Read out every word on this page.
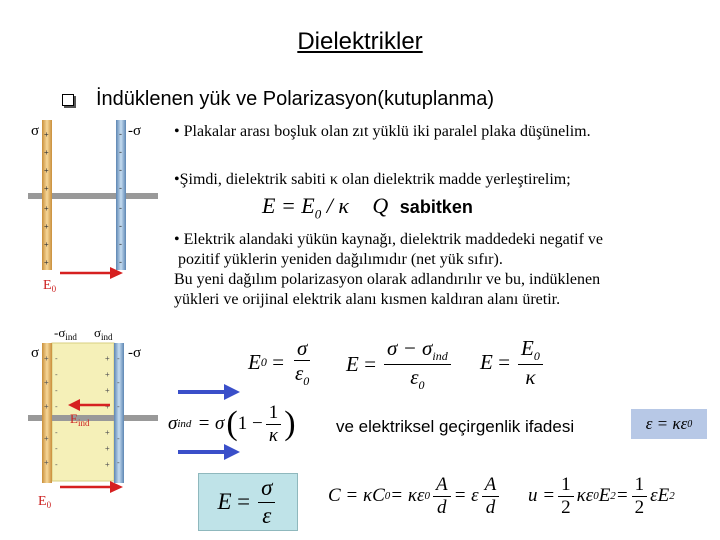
Dielektrikler
İndüklenen yük ve Polarizasyon(kutuplanma)
• Plakalar arası boşluk olan zıt yüklü iki paralel plaka düşünelim.
•Şimdi, dielektrik sabiti κ olan dielektrik madde yerleştirelim;
$E = E_0 / \kappa$ Q sabitken
• Elektrik alandaki yükün kaynağı, dielektrik maddedeki negatif ve
pozitif yüklerin yeniden dağılımıdır (net yük sıfır).
Bu yeni dağılım polarizasyon olarak adlandırılır ve bu, indüklenen
yükleri ve orijinal elektrik alanı kısmen kaldıran alanı üretir.
+
+
+
+
+
+
+
+
-
-
-
-
-
-
-
-
σ	-σ
$E_0$
$-\sigma_{ind}$ $\sigma_{ind}$
σ	-σ
-
-
-
-
-
-
-
+
+
+
+
+
+
+
+
+
+
+
+
-
-
-
-
-
$E_{ind}$
$E_0$
E $0 = \frac{\sigma}{\varepsilon_0}$ $E = \frac{\sigma - \sigma_{ind}}{\varepsilon_0}$ $E = \frac{E_0}{\kappa}$
σ ind = σ ( $1 - \frac{1}{\kappa}$ ) ve elektriksel geçirgenlik ifadesi	ε = κε 0
$E = \frac{\sigma}{\varepsilon}$	C = κC 0 = κε $0 \frac{A}{d} = \varepsilon \frac{A}{d}$ $u = \frac{1}{2}$ κε 0 E $2 = \frac{1}{2}$ εE 2
